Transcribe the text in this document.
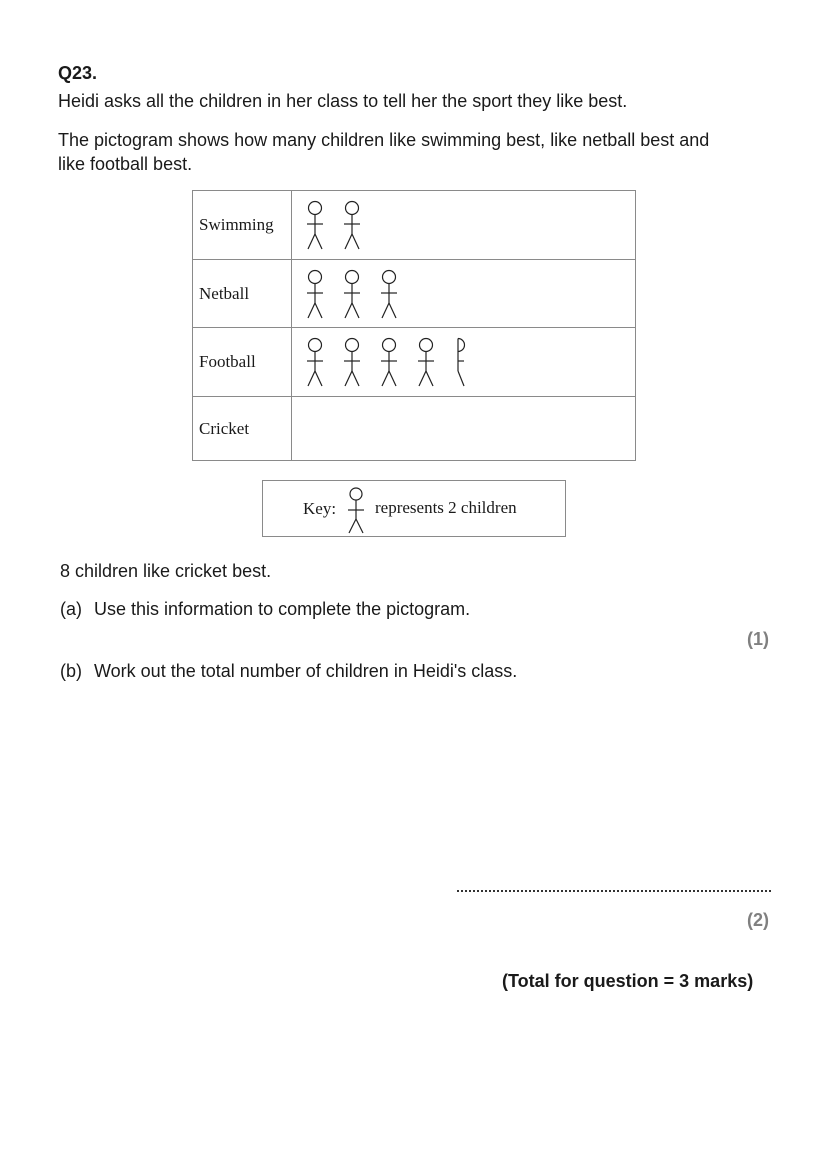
Q23.
Heidi asks all the children in her class to tell her the sport they like best.
The pictogram shows how many children like swimming best, like netball best and
like football best.
Swimming	
Netball	
Football	
Cricket	
Key: represents 2 children
8 children like cricket best.
(a) Use this information to complete the pictogram.
(1)
(b) Work out the total number of children in Heidi's class.
(2)
(Total for question = 3 marks)
